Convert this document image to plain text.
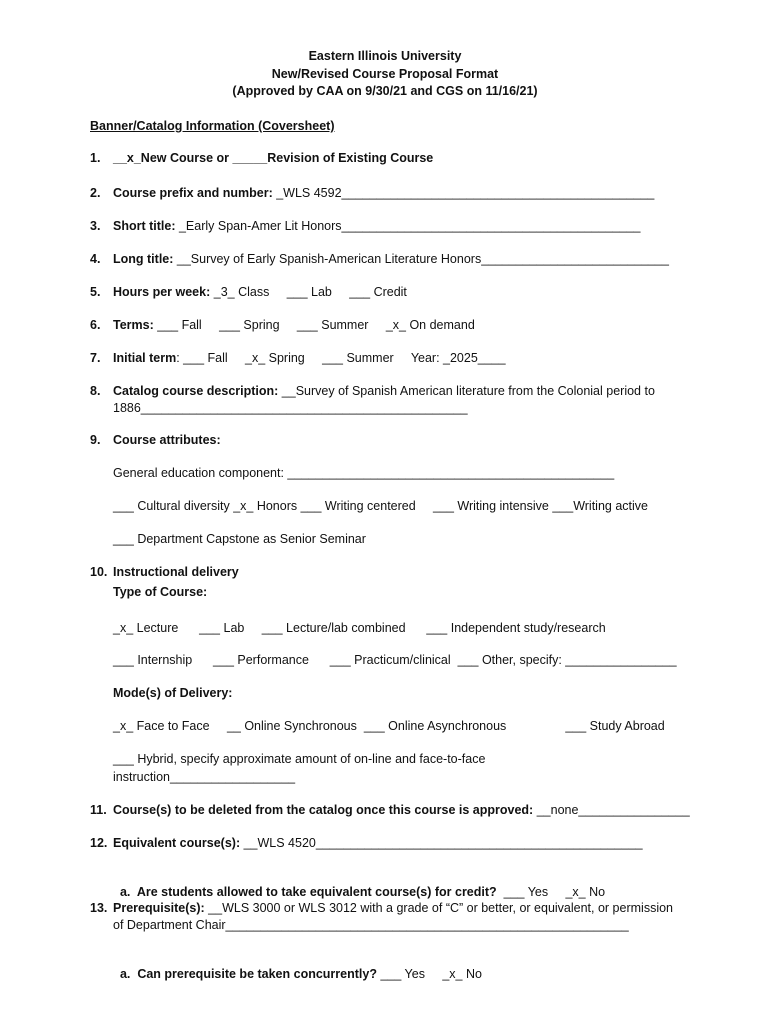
Eastern Illinois University
New/Revised Course Proposal Format
(Approved by CAA on 9/30/21 and CGS on 11/16/21)
Banner/Catalog Information (Coversheet)
1. __x_New Course or _____Revision of Existing Course
2. Course prefix and number: _WLS 4592_____________________________________________
3. Short title: _Early Span-Amer Lit Honors___________________________________________
4. Long title: __Survey of Early Spanish-American Literature Honors___________________________
5. Hours per week: _3_ Class     ___ Lab     ___ Credit
6. Terms: ___ Fall     ___ Spring     ___ Summer     _x_ On demand
7. Initial term: ___ Fall     _x_ Spring     ___ Summer     Year: _2025____
8. Catalog course description: __Survey of Spanish American literature from the Colonial period to
1886_______________________________________________
9. Course attributes:
General education component: _______________________________________________
___ Cultural diversity _x_ Honors ___ Writing centered     ___ Writing intensive ___Writing active
___ Department Capstone as Senior Seminar
10. Instructional delivery
Type of Course:
_x_ Lecture      ___ Lab     ___ Lecture/lab combined      ___ Independent study/research
___ Internship      ___ Performance      ___ Practicum/clinical  ___ Other, specify: ________________
Mode(s) of Delivery:
_x_ Face to Face     __ Online Synchronous  ___ Online Asynchronous                 ___ Study Abroad
___ Hybrid, specify approximate amount of on-line and face-to-face
instruction__________________
11. Course(s) to be deleted from the catalog once this course is approved: __none________________
12. Equivalent course(s): __WLS 4520_______________________________________________

a.  Are students allowed to take equivalent course(s) for credit?  ___ Yes     _x_ No

13. Prerequisite(s): __WLS 3000 or WLS 3012 with a grade of “C” or better, or equivalent, or permission
of Department Chair__________________________________________________________

a.  Can prerequisite be taken concurrently? ___ Yes     _x_ No
